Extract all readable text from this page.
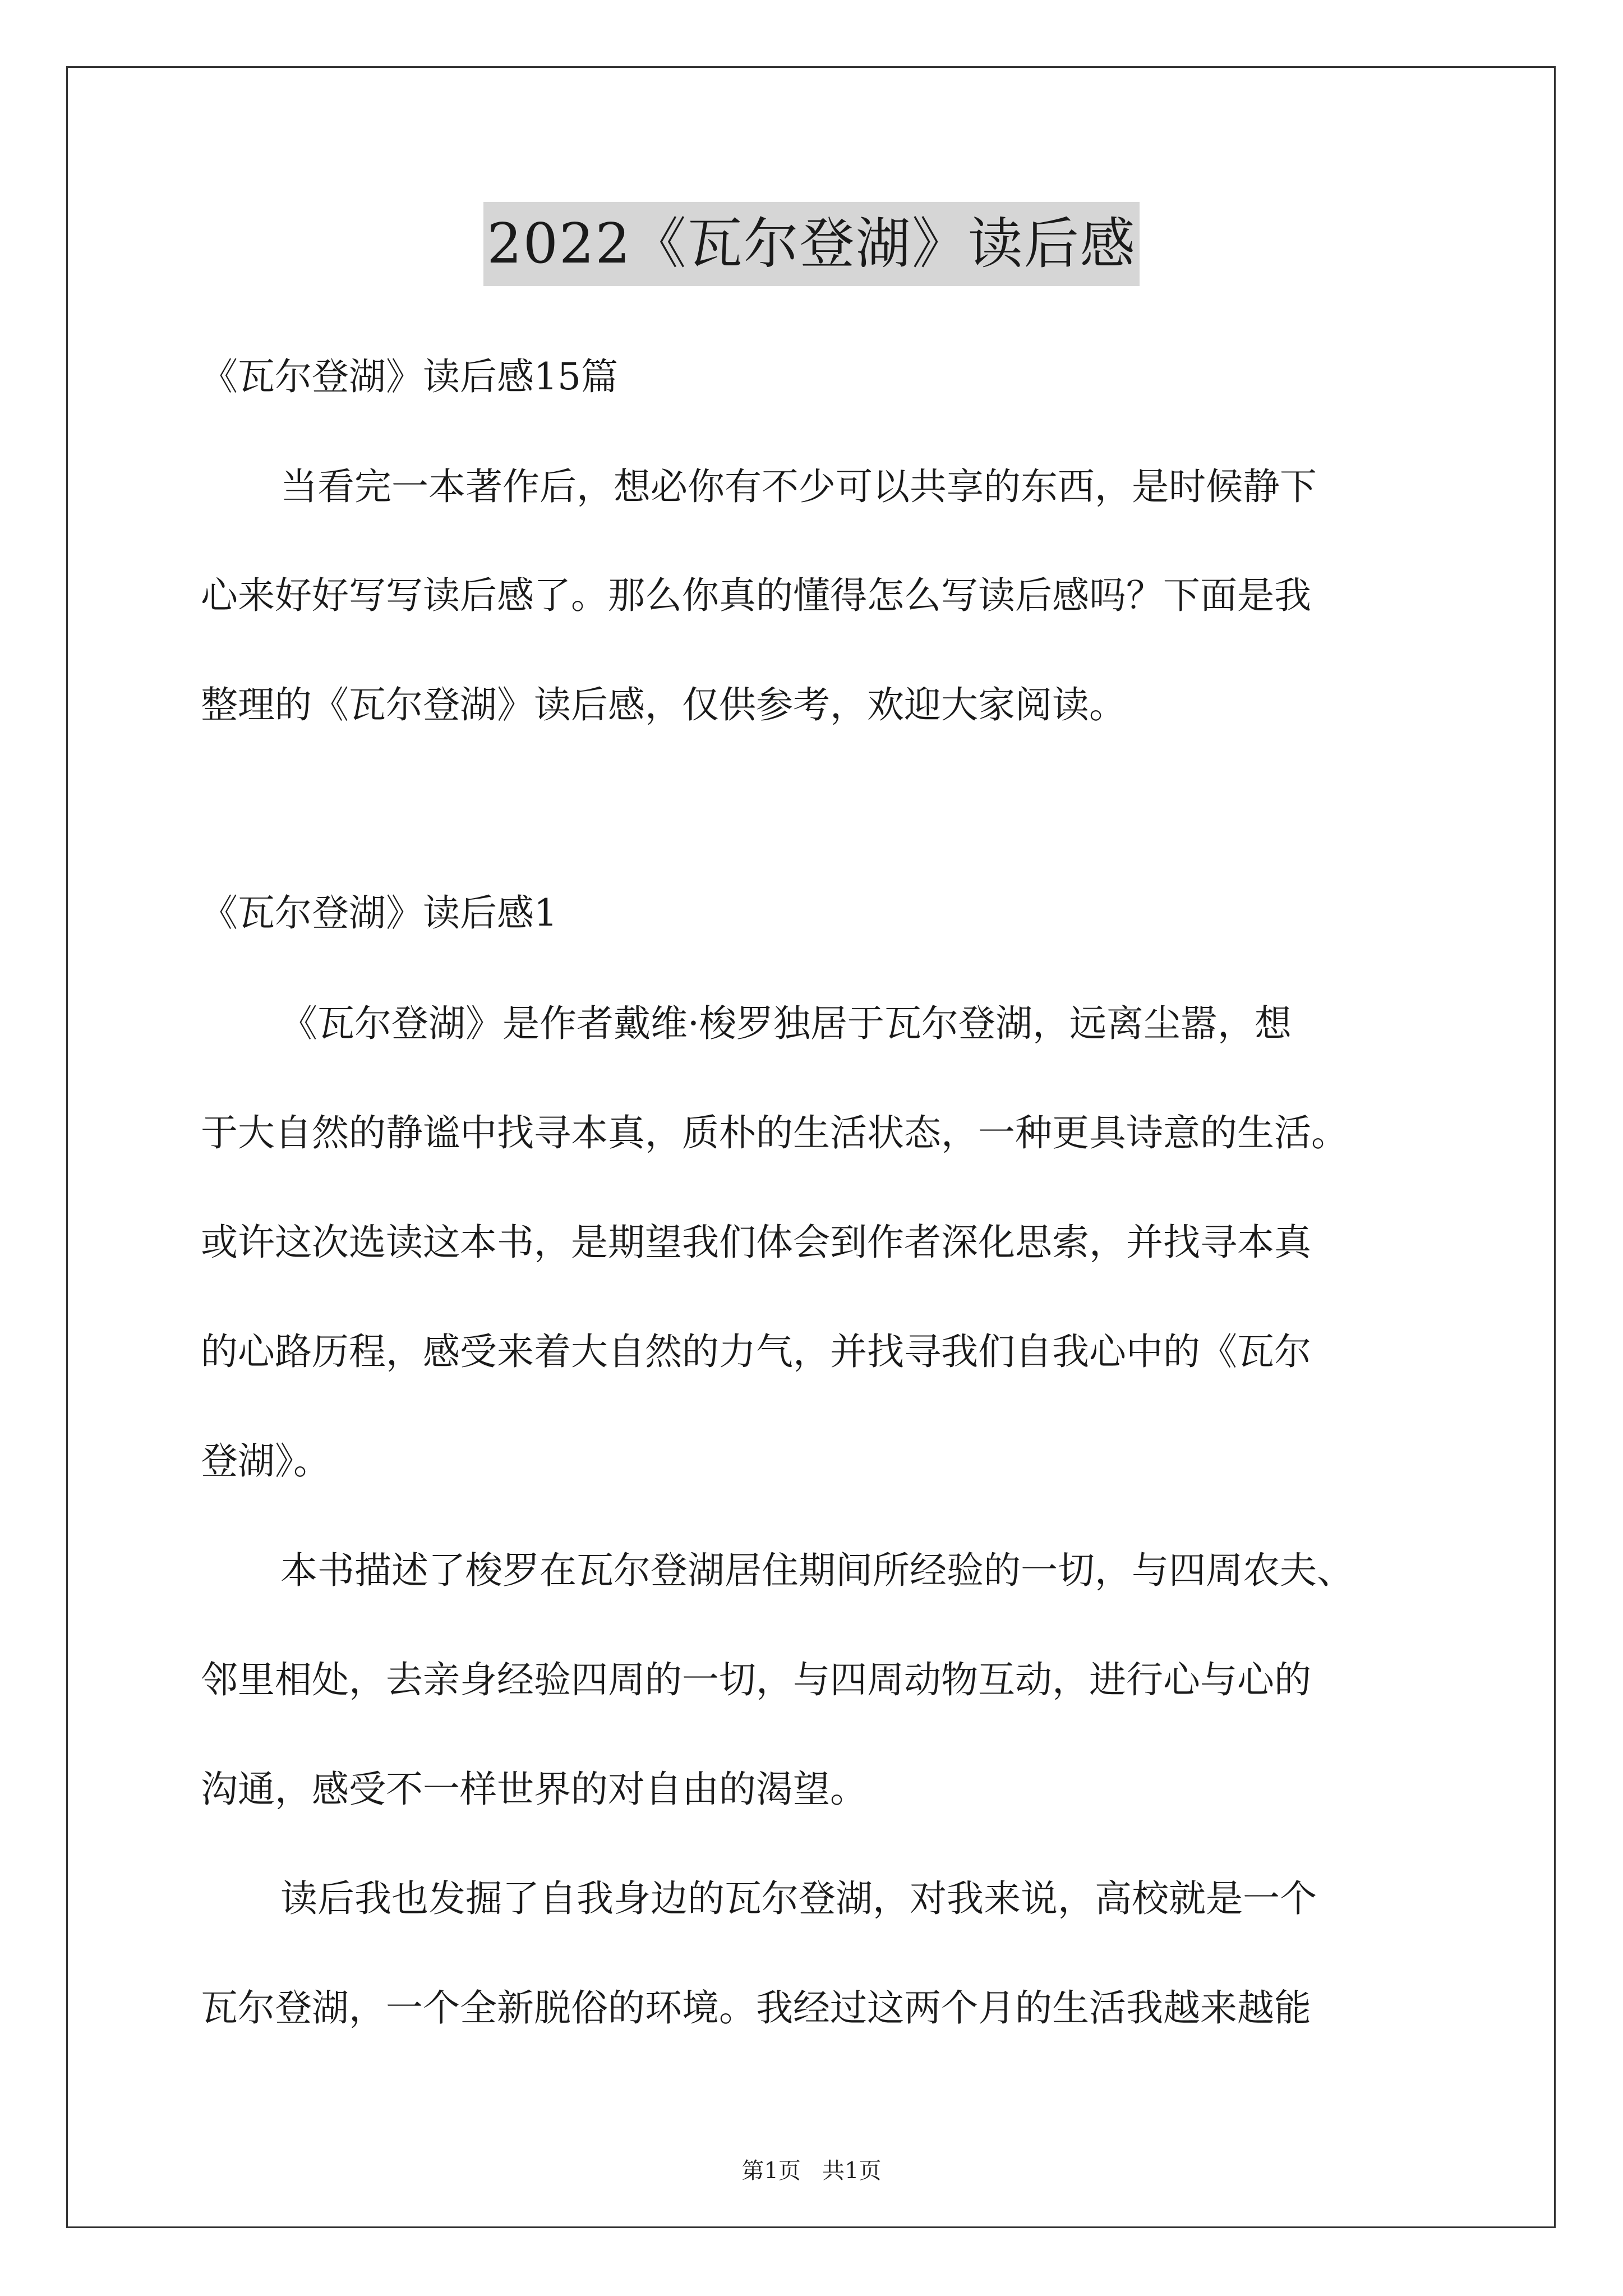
2022《瓦尔登湖》读后感
《瓦尔登湖》读后感15篇
当看完一本著作后，想必你有不少可以共享的东西，是时候静下
心来好好写写读后感了。那么你真的懂得怎么写读后感吗？下面是我
整理的《瓦尔登湖》读后感，仅供参考，欢迎大家阅读。
《瓦尔登湖》读后感1
《瓦尔登湖》是作者戴维·梭罗独居于瓦尔登湖，远离尘嚣，想
于大自然的静谧中找寻本真，质朴的生活状态，一种更具诗意的生活。
或许这次选读这本书，是期望我们体会到作者深化思索，并找寻本真
的心路历程，感受来着大自然的力气，并找寻我们自我心中的《瓦尔
登湖》。
本书描述了梭罗在瓦尔登湖居住期间所经验的一切，与四周农夫、
邻里相处，去亲身经验四周的一切，与四周动物互动，进行心与心的
沟通，感受不一样世界的对自由的渴望。
读后我也发掘了自我身边的瓦尔登湖，对我来说，高校就是一个
瓦尔登湖，一个全新脱俗的环境。我经过这两个月的生活我越来越能
第1页   共1页
